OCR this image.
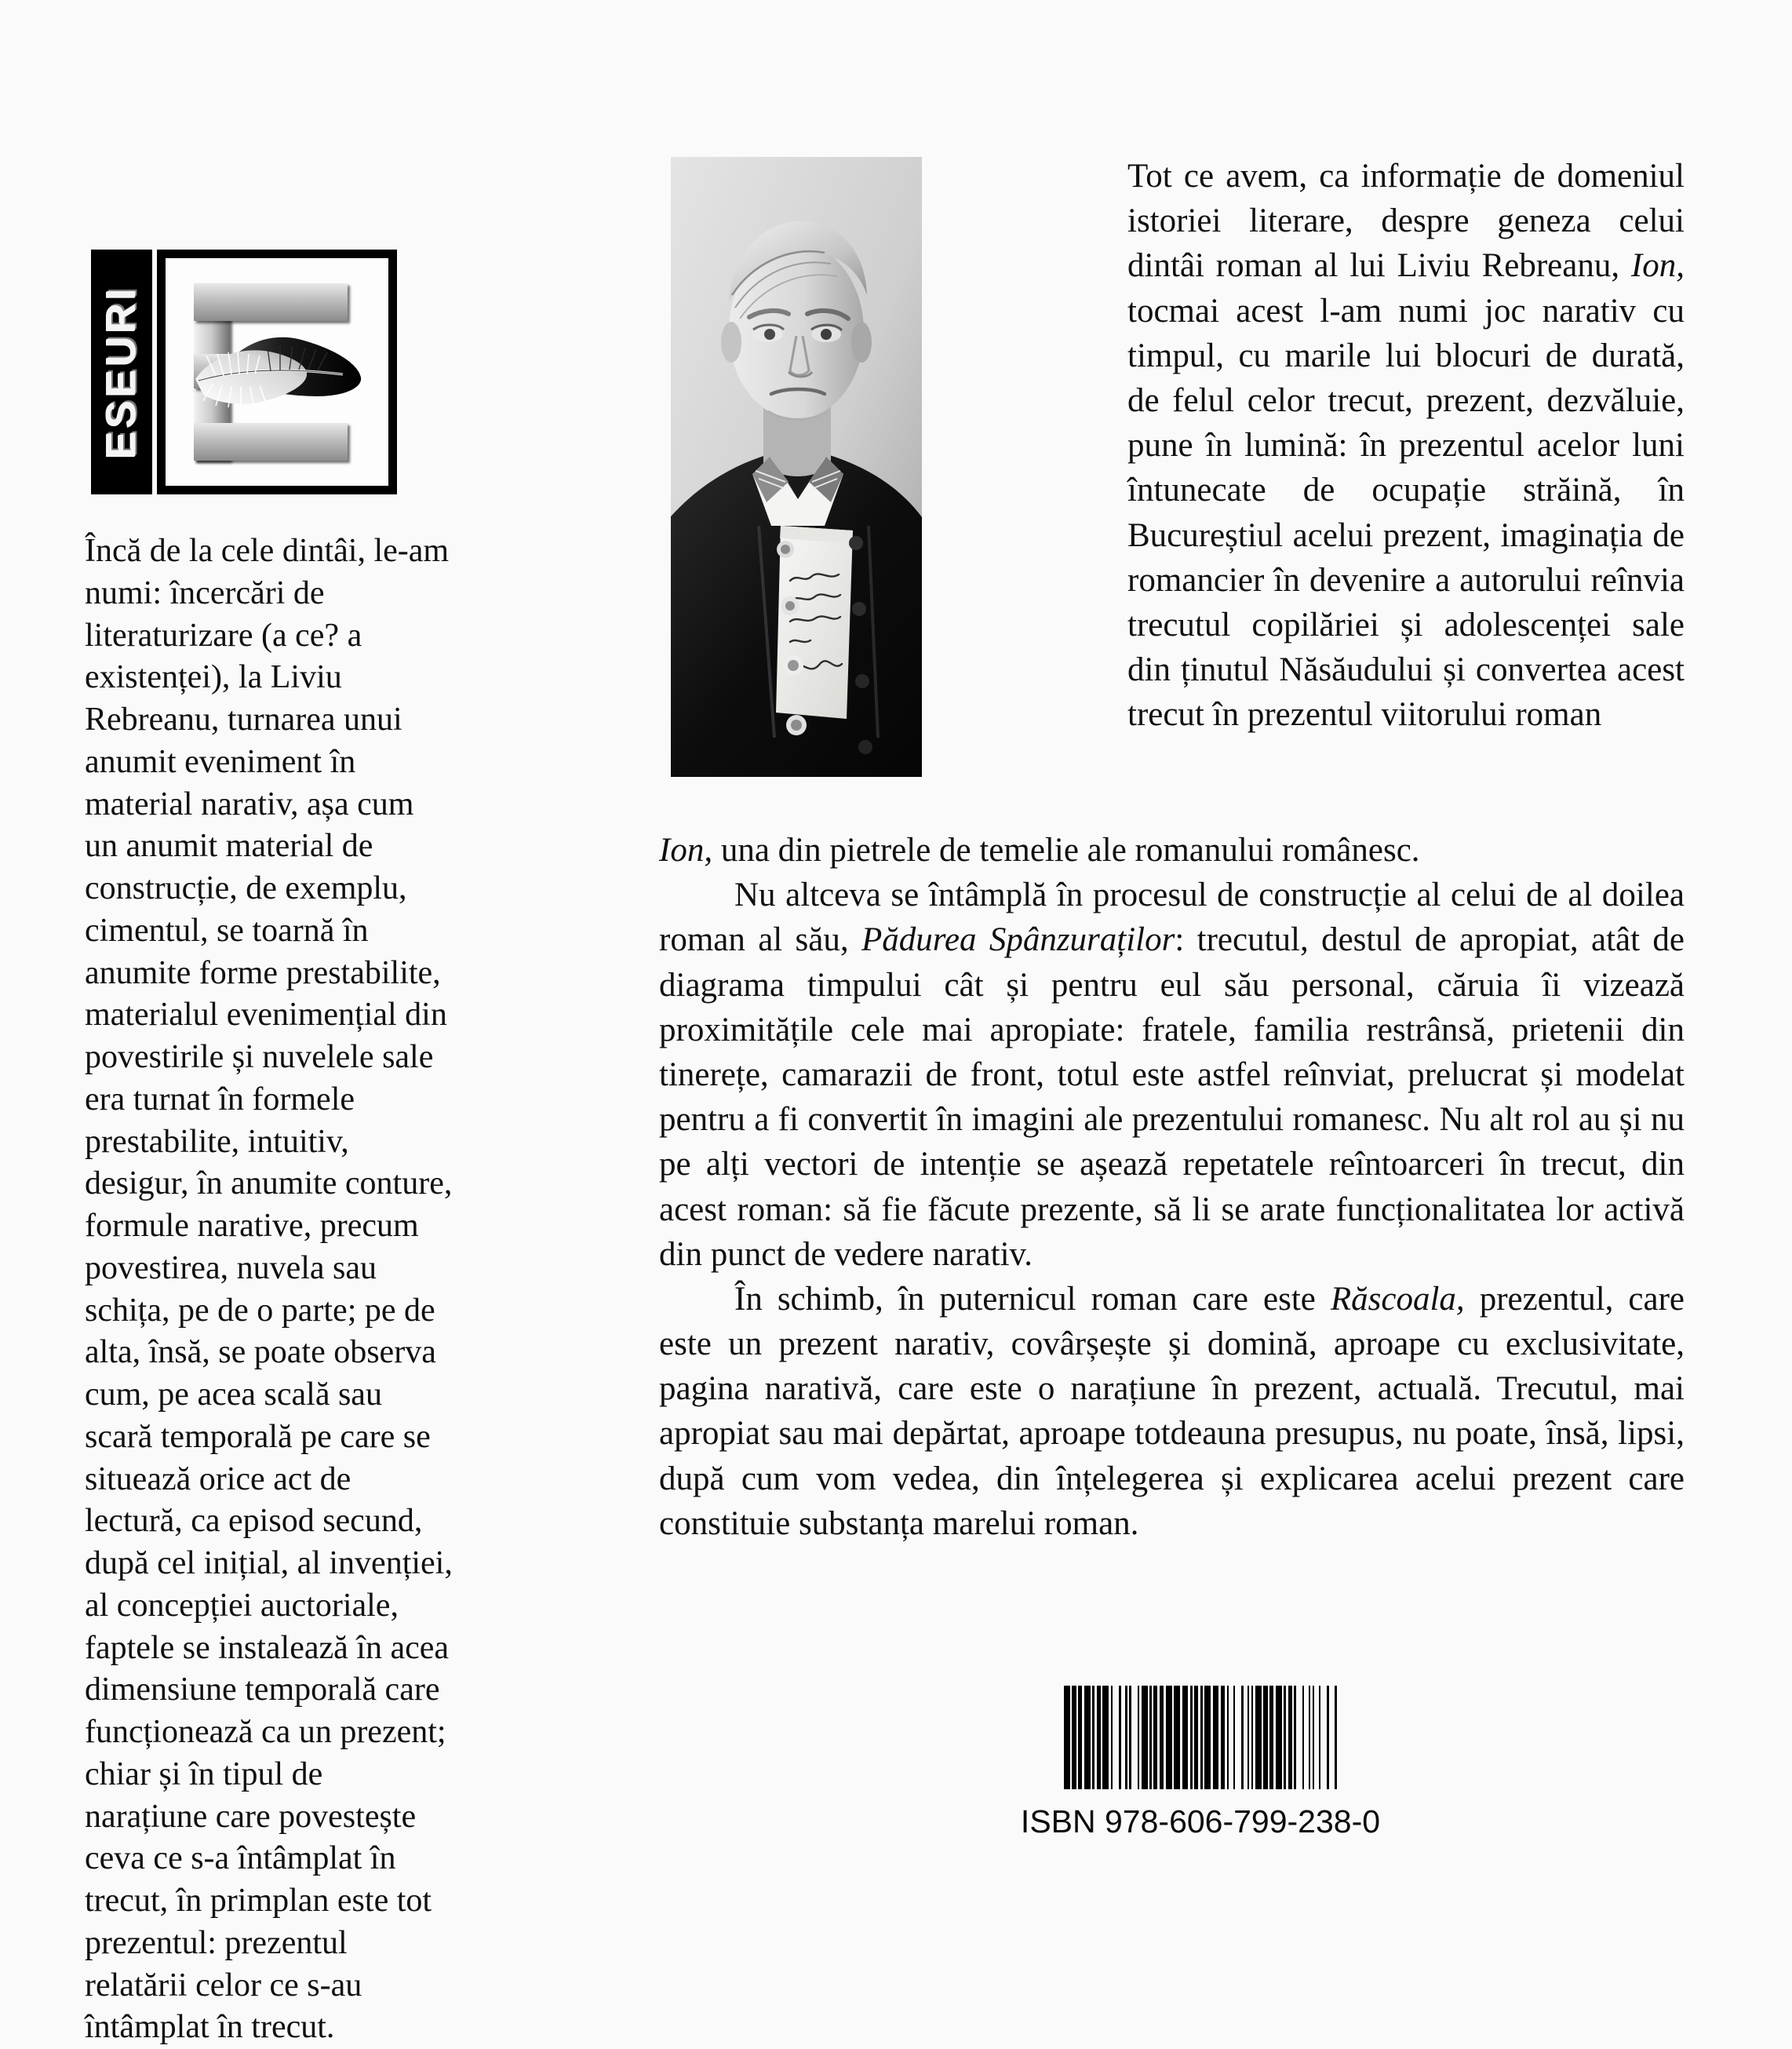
ESEURI
Încă de la cele dintâi, le-am numi: încercări de literaturizare (a ce? a existenței), la Liviu Rebreanu, turnarea unui anumit eveniment în material narativ, așa cum un anumit material de construcție, de exemplu, cimentul, se toarnă în anumite forme prestabilite, materialul evenimențial din povestirile și nuvelele sale era turnat în formele prestabilite, intuitiv, desigur, în anumite conture, formule narative, precum povestirea, nuvela sau schița, pe de o parte; pe de alta, însă, se poate observa cum, pe acea scală sau scară temporală pe care se situează orice act de lectură, ca episod secund, după cel inițial, al invenției, al concepției auctoriale, faptele se instalează în acea dimensiune temporală care funcționează ca un prezent; chiar și în tipul de narațiune care povestește ceva ce s-a întâmplat în trecut, în primplan este tot prezentul: prezentul relatării celor ce s-au întâmplat în trecut.
Tot ce avem, ca informație de domeniul istoriei literare, despre geneza celui dintâi roman al lui Liviu Rebreanu, Ion, tocmai acest l-am numi joc narativ cu timpul, cu marile lui blocuri de durată, de felul celor trecut, prezent, dezvăluie, pune în lumină: în prezentul acelor luni întunecate de ocupație străină, în Bucureștiul acelui prezent, imaginația de romancier în devenire a autorului reînvia trecutul copilăriei și adolescenței sale din ținutul Năsăudului și convertea acest trecut în prezentul viitorului roman

Ion, una din pietrele de temelie ale romanului românesc.

Nu altceva se întâmplă în procesul de construcție al celui de al doilea roman al său, Pădurea Spânzuraților: trecutul, destul de apropiat, atât de diagrama timpului cât și pentru eul său personal, căruia îi vizează proximitățile cele mai apropiate: fratele, familia restrânsă, prietenii din tinerețe, camarazii de front, totul este astfel reînviat, prelucrat și modelat pentru a fi convertit în imagini ale prezentului romanesc. Nu alt rol au și nu pe alți vectori de intenție se așează repetatele reîntoarceri în trecut, din acest roman: să fie făcute prezente, să li se arate funcționalitatea lor activă din punct de vedere narativ.

În schimb, în puternicul roman care este Răscoala, prezentul, care este un prezent narativ, covârșește și domină, aproape cu exclusivitate, pagina narativă, care este o narațiune în prezent, actuală. Trecutul, mai apropiat sau mai depărtat, aproape totdeauna presupus, nu poate, însă, lipsi, după cum vom vedea, din înțelegerea și explicarea acelui prezent care constituie substanța marelui roman.

ISBN 978-606-799-238-0
